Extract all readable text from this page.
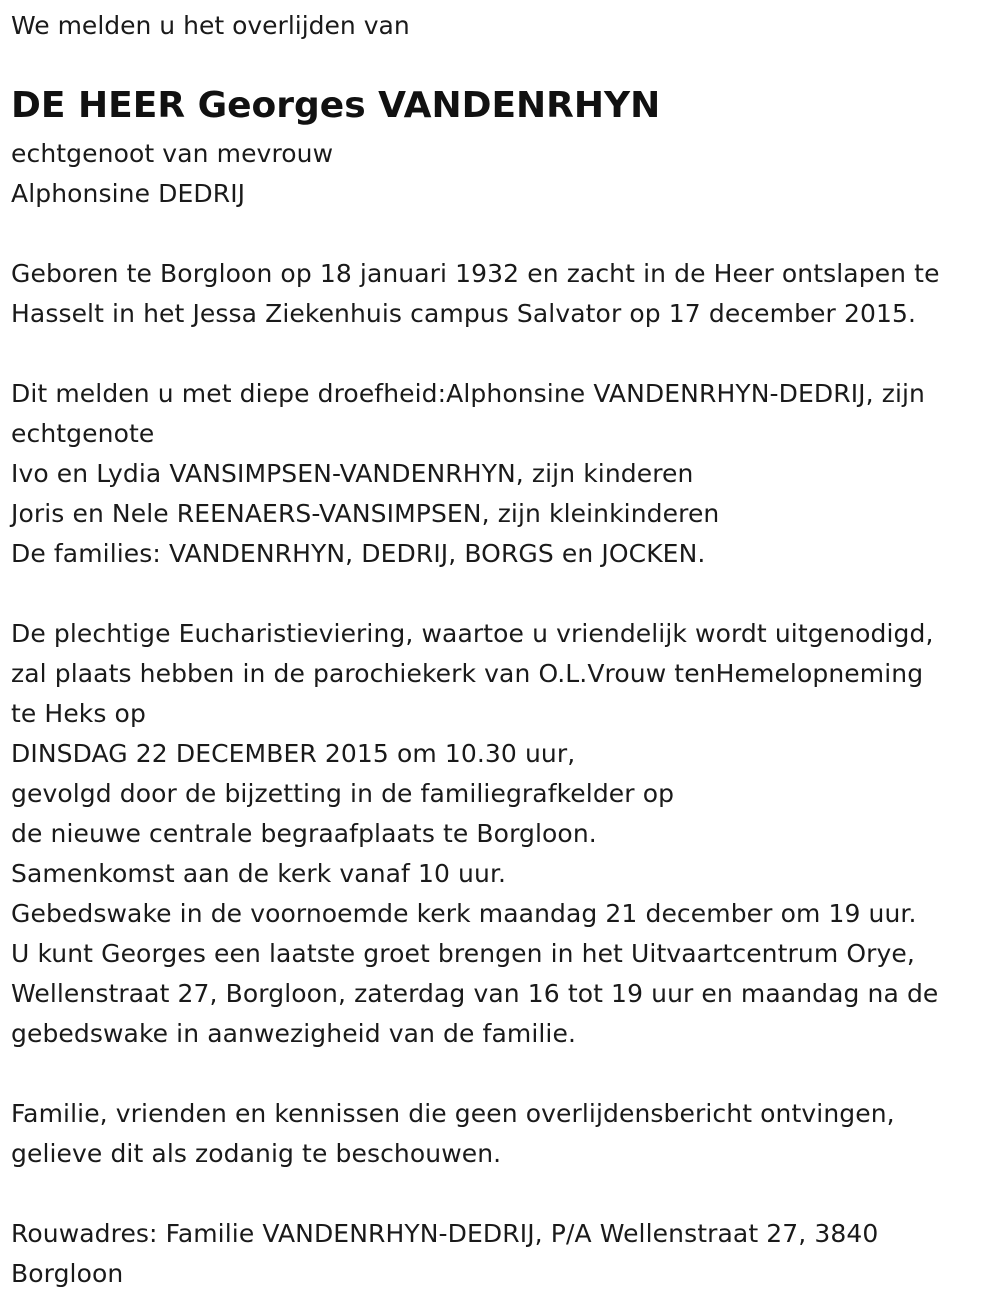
We melden u het overlijden van
DE HEER Georges VANDENRHYN
echtgenoot van mevrouw
Alphonsine DEDRIJ
Geboren te Borgloon op 18 januari 1932 en zacht in de Heer ontslapen te
Hasselt in het Jessa Ziekenhuis campus Salvator op 17 december 2015.
Dit melden u met diepe droefheid:Alphonsine VANDENRHYN-DEDRIJ, zijn
echtgenote
Ivo en Lydia VANSIMPSEN-VANDENRHYN, zijn kinderen
Joris en Nele REENAERS-VANSIMPSEN, zijn kleinkinderen
De families: VANDENRHYN, DEDRIJ, BORGS en JOCKEN.
De plechtige Eucharistieviering, waartoe u vriendelijk wordt uitgenodigd,
zal plaats hebben in de parochiekerk van O.L.Vrouw tenHemelopneming
te Heks op
DINSDAG 22 DECEMBER 2015 om 10.30 uur,
gevolgd door de bijzetting in de familiegrafkelder op
de nieuwe centrale begraafplaats te Borgloon.
Samenkomst aan de kerk vanaf 10 uur.
Gebedswake in de voornoemde kerk maandag 21 december om 19 uur.
U kunt Georges een laatste groet brengen in het Uitvaartcentrum Orye,
Wellenstraat 27, Borgloon, zaterdag van 16 tot 19 uur en maandag na de
gebedswake in aanwezigheid van de familie.
Familie, vrienden en kennissen die geen overlijdensbericht ontvingen,
gelieve dit als zodanig te beschouwen.
Rouwadres: Familie VANDENRHYN-DEDRIJ, P/A Wellenstraat 27, 3840
Borgloon
